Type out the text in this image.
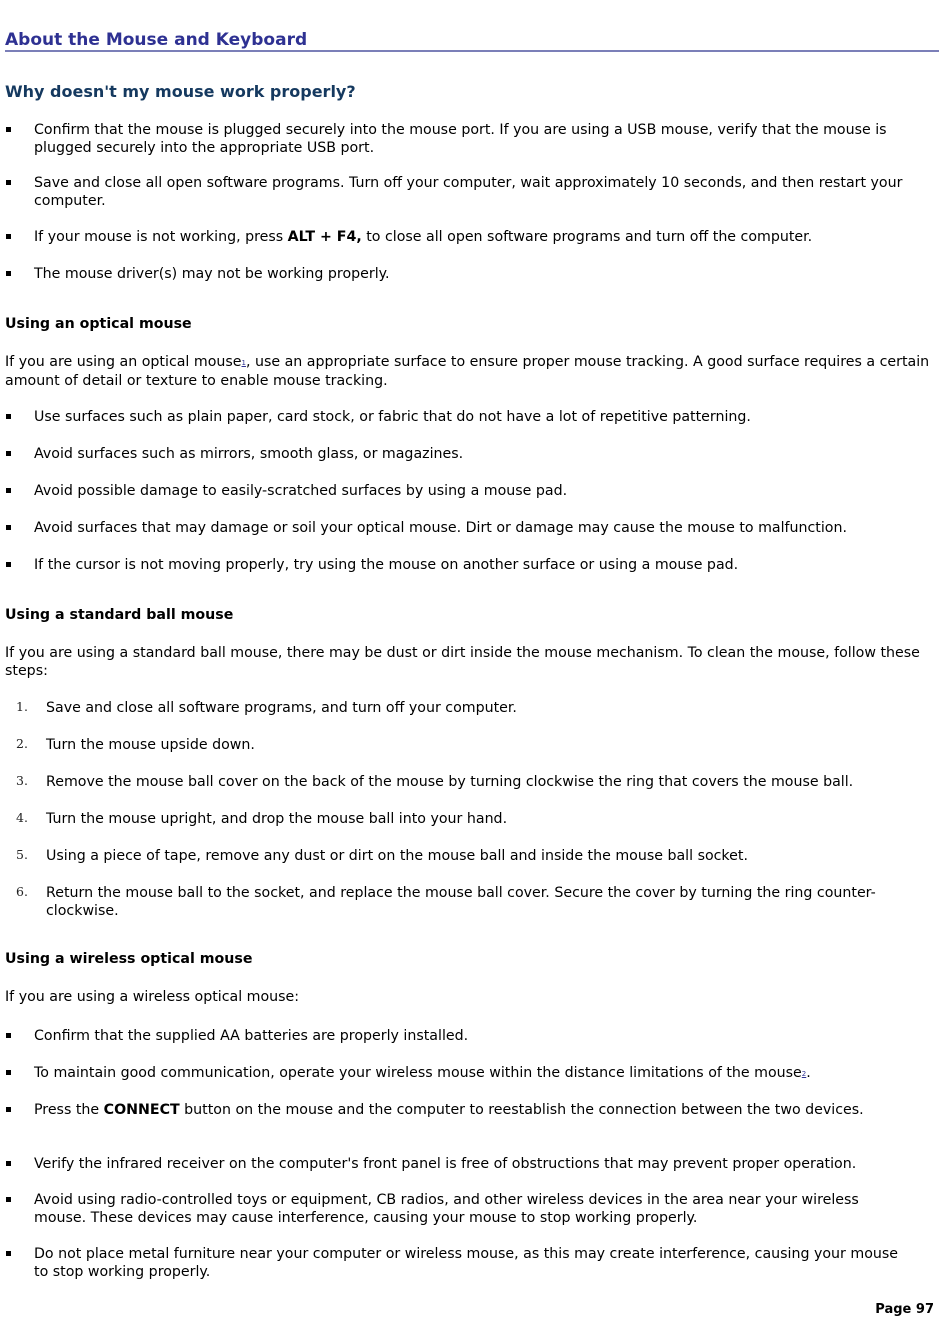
About the Mouse and Keyboard
Why doesn't my mouse work properly?
Confirm that the mouse is plugged securely into the mouse port. If you are using a USB mouse, verify that the mouse is plugged securely into the appropriate USB port.
Save and close all open software programs. Turn off your computer, wait approximately 10 seconds, and then restart your computer.
If your mouse is not working, press ALT + F4, to close all open software programs and turn off the computer.
The mouse driver(s) may not be working properly.
Using an optical mouse
If you are using an optical mouse1, use an appropriate surface to ensure proper mouse tracking. A good surface requires a certain amount of detail or texture to enable mouse tracking.
Use surfaces such as plain paper, card stock, or fabric that do not have a lot of repetitive patterning.
Avoid surfaces such as mirrors, smooth glass, or magazines.
Avoid possible damage to easily-scratched surfaces by using a mouse pad.
Avoid surfaces that may damage or soil your optical mouse. Dirt or damage may cause the mouse to malfunction.
If the cursor is not moving properly, try using the mouse on another surface or using a mouse pad.
Using a standard ball mouse
If you are using a standard ball mouse, there may be dust or dirt inside the mouse mechanism. To clean the mouse, follow these steps:
1. Save and close all software programs, and turn off your computer.
2. Turn the mouse upside down.
3. Remove the mouse ball cover on the back of the mouse by turning clockwise the ring that covers the mouse ball.
4. Turn the mouse upright, and drop the mouse ball into your hand.
5. Using a piece of tape, remove any dust or dirt on the mouse ball and inside the mouse ball socket.
6. Return the mouse ball to the socket, and replace the mouse ball cover. Secure the cover by turning the ring counter-clockwise.
Using a wireless optical mouse
If you are using a wireless optical mouse:
Confirm that the supplied AA batteries are properly installed.
To maintain good communication, operate your wireless mouse within the distance limitations of the mouse2.
Press the CONNECT button on the mouse and the computer to reestablish the connection between the two devices.
Verify the infrared receiver on the computer's front panel is free of obstructions that may prevent proper operation.
Avoid using radio-controlled toys or equipment, CB radios, and other wireless devices in the area near your wireless mouse. These devices may cause interference, causing your mouse to stop working properly.
Do not place metal furniture near your computer or wireless mouse, as this may create interference, causing your mouse to stop working properly.
Page 97
